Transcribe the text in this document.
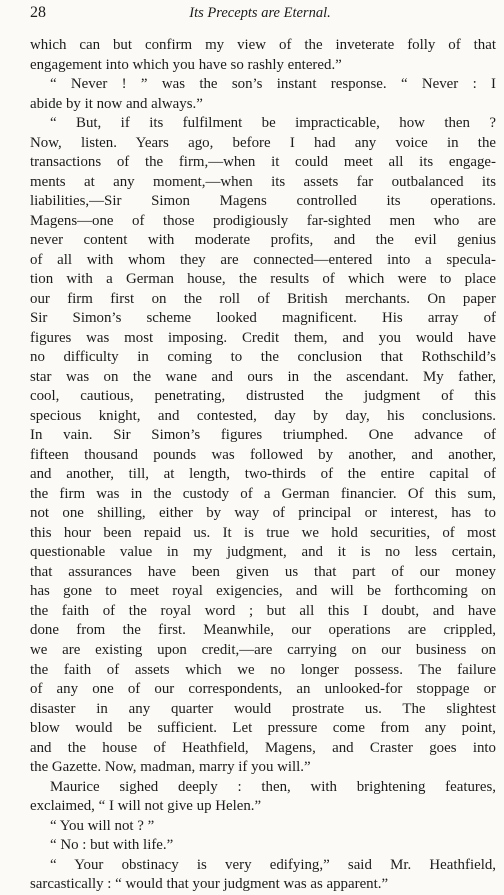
28	Its Precepts are Eternal.
which can but confirm my view of the inveterate folly of that
engagement into which you have so rashly entered.”
“ Never ! ” was the son’s instant response. “ Never : I
abide by it now and always.”
“ But, if its fulfilment be impracticable, how then ?
Now, listen. Years ago, before I had any voice in the
transactions of the firm,—when it could meet all its engage-
ments at any moment,—when its assets far outbalanced its
liabilities,—Sir Simon Magens controlled its operations.
Magens—one of those prodigiously far-sighted men who are
never content with moderate profits, and the evil genius
of all with whom they are connected—entered into a specula-
tion with a German house, the results of which were to place
our firm first on the roll of British merchants. On paper
Sir Simon’s scheme looked magnificent. His array of
figures was most imposing. Credit them, and you would have
no difficulty in coming to the conclusion that Rothschild’s
star was on the wane and ours in the ascendant. My father,
cool, cautious, penetrating, distrusted the judgment of this
specious knight, and contested, day by day, his conclusions.
In vain. Sir Simon’s figures triumphed. One advance of
fifteen thousand pounds was followed by another, and another,
and another, till, at length, two-thirds of the entire capital of
the firm was in the custody of a German financier. Of this sum,
not one shilling, either by way of principal or interest, has to
this hour been repaid us. It is true we hold securities, of most
questionable value in my judgment, and it is no less certain,
that assurances have been given us that part of our money
has gone to meet royal exigencies, and will be forthcoming on
the faith of the royal word ; but all this I doubt, and have
done from the first. Meanwhile, our operations are crippled,
we are existing upon credit,—are carrying on our business on
the faith of assets which we no longer possess. The failure
of any one of our correspondents, an unlooked-for stoppage or
disaster in any quarter would prostrate us. The slightest
blow would be sufficient. Let pressure come from any point,
and the house of Heathfield, Magens, and Craster goes into
the Gazette. Now, madman, marry if you will.”
Maurice sighed deeply : then, with brightening features,
exclaimed, “ I will not give up Helen.”
“ You will not ? ”
“ No : but with life.”
“ Your obstinacy is very edifying,” said Mr. Heathfield,
sarcastically : “ would that your judgment was as apparent.”
